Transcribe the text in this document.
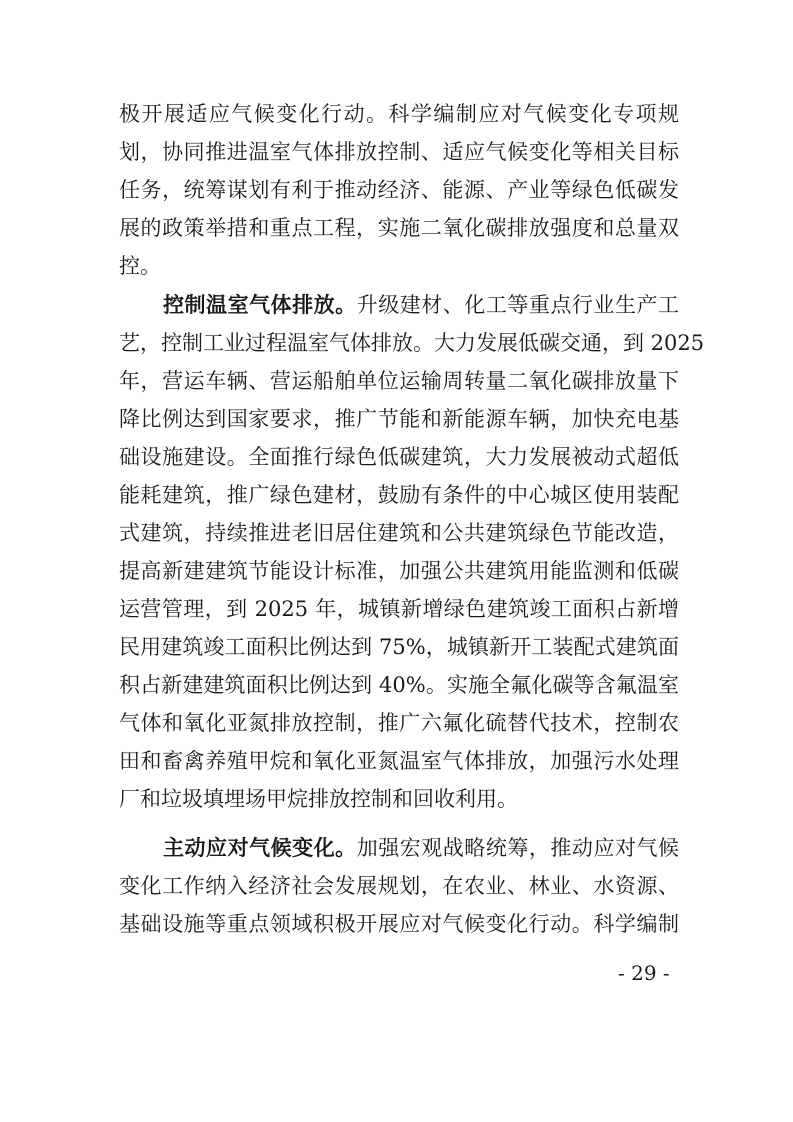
极开展适应气候变化行动。科学编制应对气候变化专项规
划，协同推进温室气体排放控制、适应气候变化等相关目标
任务，统筹谋划有利于推动经济、能源、产业等绿色低碳发
展的政策举措和重点工程，实施二氧化碳排放强度和总量双
控。
控制温室气体排放。升级建材、化工等重点行业生产工
艺，控制工业过程温室气体排放。大力发展低碳交通，到 2025
年，营运车辆、营运船舶单位运输周转量二氧化碳排放量下
降比例达到国家要求，推广节能和新能源车辆，加快充电基
础设施建设。全面推行绿色低碳建筑，大力发展被动式超低
能耗建筑，推广绿色建材，鼓励有条件的中心城区使用装配
式建筑，持续推进老旧居住建筑和公共建筑绿色节能改造，
提高新建建筑节能设计标准，加强公共建筑用能监测和低碳
运营管理，到 2025 年，城镇新增绿色建筑竣工面积占新增
民用建筑竣工面积比例达到 75%，城镇新开工装配式建筑面
积占新建建筑面积比例达到 40%。实施全氟化碳等含氟温室
气体和氧化亚氮排放控制，推广六氟化硫替代技术，控制农
田和畜禽养殖甲烷和氧化亚氮温室气体排放，加强污水处理
厂和垃圾填埋场甲烷排放控制和回收利用。
主动应对气候变化。加强宏观战略统筹，推动应对气候
变化工作纳入经济社会发展规划，在农业、林业、水资源、
基础设施等重点领域积极开展应对气候变化行动。科学编制
- 29 -
